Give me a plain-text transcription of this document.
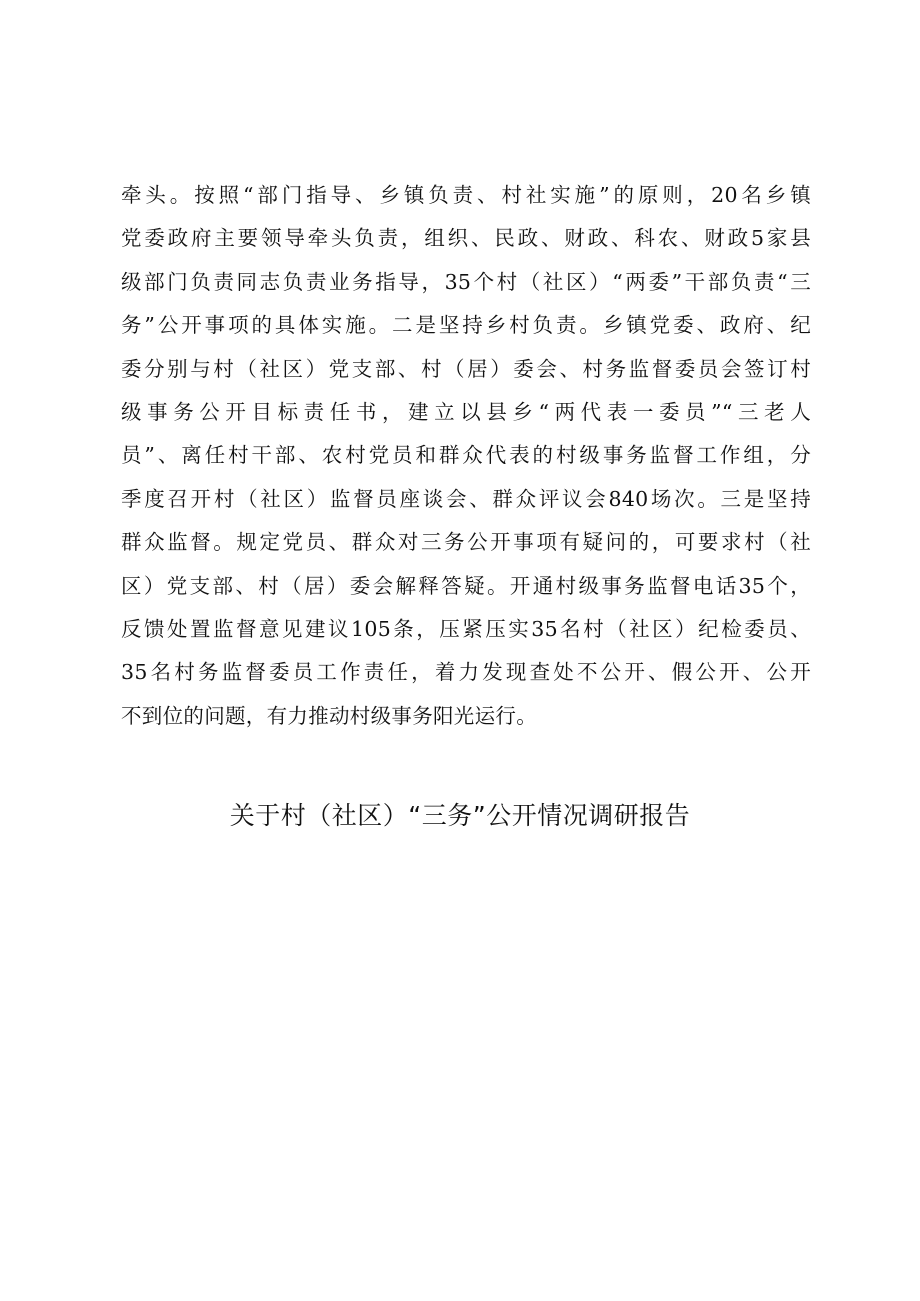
牵头。按照“部门指导、乡镇负责、村社实施”的原则，20名乡镇
党委政府主要领导牵头负责，组织、民政、财政、科农、财政5家县
级部门负责同志负责业务指导，35个村（社区）“两委”干部负责“三
务”公开事项的具体实施。二是坚持乡村负责。乡镇党委、政府、纪
委分别与村（社区）党支部、村（居）委会、村务监督委员会签订村
级事务公开目标责任书，建立以县乡“两代表一委员”“三老人
员”、离任村干部、农村党员和群众代表的村级事务监督工作组，分
季度召开村（社区）监督员座谈会、群众评议会840场次。三是坚持
群众监督。规定党员、群众对三务公开事项有疑问的，可要求村（社
区）党支部、村（居）委会解释答疑。开通村级事务监督电话35个，
反馈处置监督意见建议105条，压紧压实35名村（社区）纪检委员、
35名村务监督委员工作责任，着力发现查处不公开、假公开、公开
不到位的问题，有力推动村级事务阳光运行。
关于村（社区）“三务”公开情况调研报告
